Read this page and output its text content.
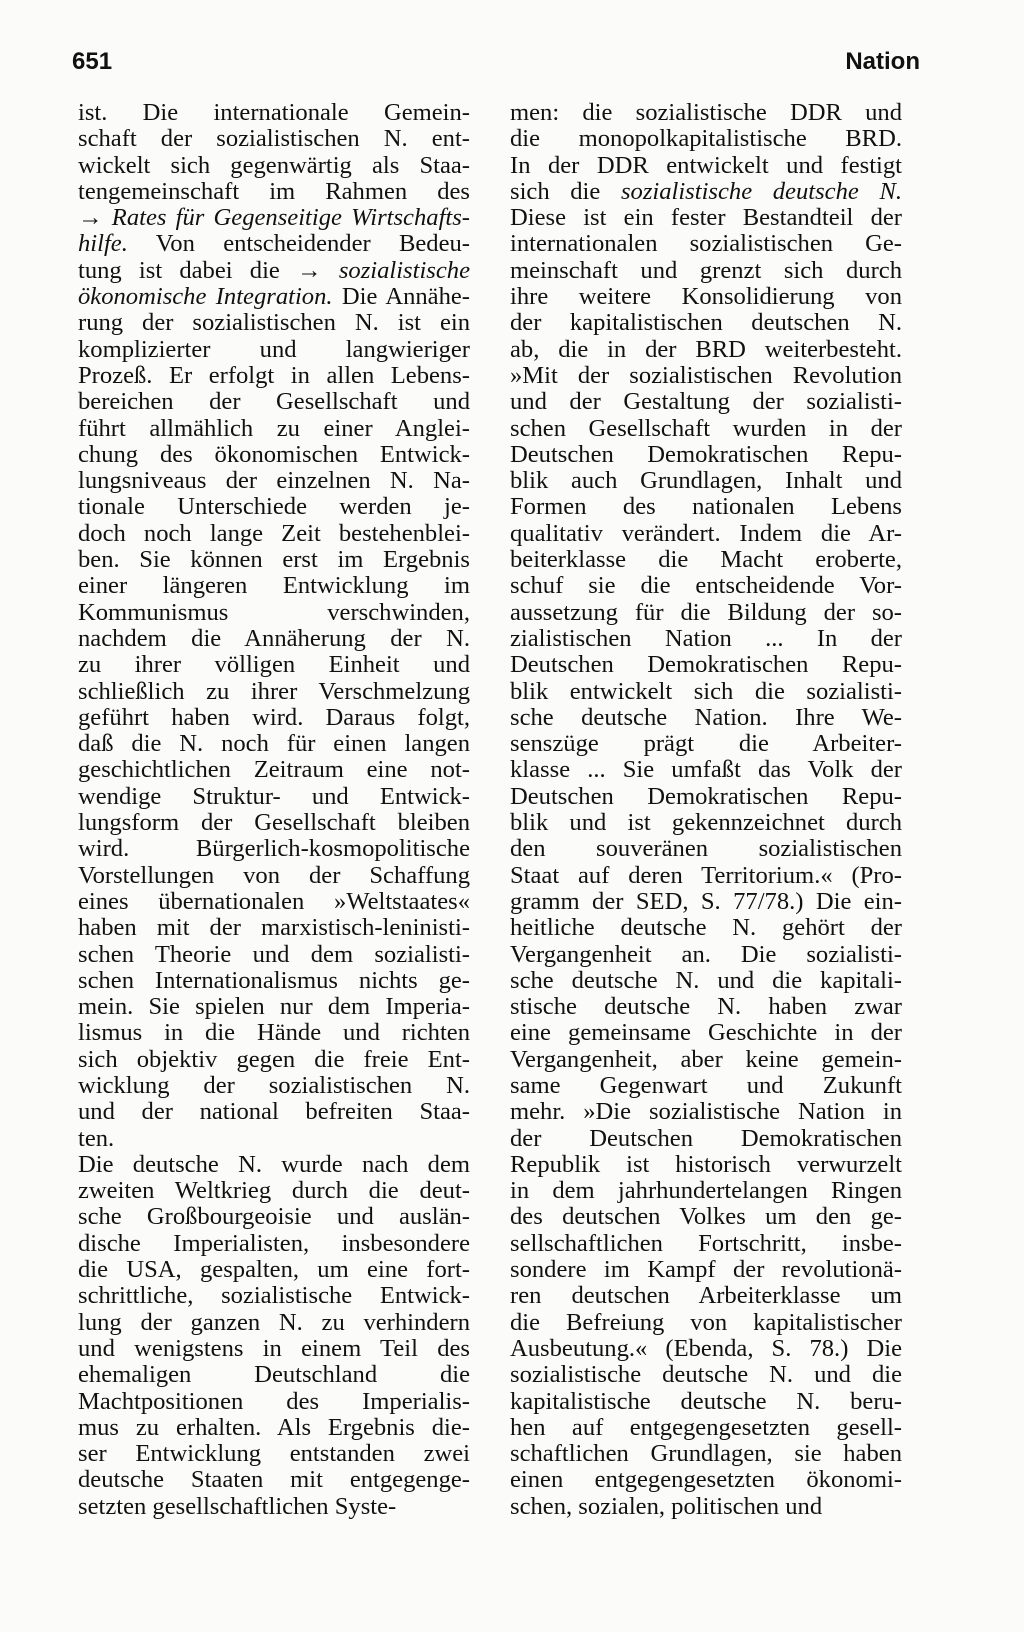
651	Nation
ist. Die internationale Gemein-
schaft der sozialistischen N. ent-
wickelt sich gegenwärtig als Staa-
tengemeinschaft im Rahmen des
→ Rates für Gegenseitige Wirtschafts-
hilfe. Von entscheidender Bedeu-
tung ist dabei die → sozialistische
ökonomische Integration. Die Annähe-
rung der sozialistischen N. ist ein
komplizierter und langwieriger
Prozeß. Er erfolgt in allen Lebens-
bereichen der Gesellschaft und
führt allmählich zu einer Anglei-
chung des ökonomischen Entwick-
lungsniveaus der einzelnen N. Na-
tionale Unterschiede werden je-
doch noch lange Zeit bestehenblei-
ben. Sie können erst im Ergebnis
einer längeren Entwicklung im
Kommunismus verschwinden,
nachdem die Annäherung der N.
zu ihrer völligen Einheit und
schließlich zu ihrer Verschmelzung
geführt haben wird. Daraus folgt,
daß die N. noch für einen langen
geschichtlichen Zeitraum eine not-
wendige Struktur- und Entwick-
lungsform der Gesellschaft bleiben
wird. Bürgerlich-kosmopolitische
Vorstellungen von der Schaffung
eines übernationalen »Weltstaates«
haben mit der marxistisch-leninisti-
schen Theorie und dem sozialisti-
schen Internationalismus nichts ge-
mein. Sie spielen nur dem Imperia-
lismus in die Hände und richten
sich objektiv gegen die freie Ent-
wicklung der sozialistischen N.
und der national befreiten Staa-
ten.
Die deutsche N. wurde nach dem
zweiten Weltkrieg durch die deut-
sche Großbourgeoisie und auslän-
dische Imperialisten, insbesondere
die USA, gespalten, um eine fort-
schrittliche, sozialistische Entwick-
lung der ganzen N. zu verhindern
und wenigstens in einem Teil des
ehemaligen Deutschland die
Machtpositionen des Imperialis-
mus zu erhalten. Als Ergebnis die-
ser Entwicklung entstanden zwei
deutsche Staaten mit entgegenge-
setzten gesellschaftlichen Syste-
men: die sozialistische DDR und
die monopolkapitalistische BRD.
In der DDR entwickelt und festigt
sich die sozialistische deutsche N.
Diese ist ein fester Bestandteil der
internationalen sozialistischen Ge-
meinschaft und grenzt sich durch
ihre weitere Konsolidierung von
der kapitalistischen deutschen N.
ab, die in der BRD weiterbesteht.
»Mit der sozialistischen Revolution
und der Gestaltung der sozialisti-
schen Gesellschaft wurden in der
Deutschen Demokratischen Repu-
blik auch Grundlagen, Inhalt und
Formen des nationalen Lebens
qualitativ verändert. Indem die Ar-
beiterklasse die Macht eroberte,
schuf sie die entscheidende Vor-
aussetzung für die Bildung der so-
zialistischen Nation ... In der
Deutschen Demokratischen Repu-
blik entwickelt sich die sozialisti-
sche deutsche Nation. Ihre We-
senszüge prägt die Arbeiter-
klasse ... Sie umfaßt das Volk der
Deutschen Demokratischen Repu-
blik und ist gekennzeichnet durch
den souveränen sozialistischen
Staat auf deren Territorium.« (Pro-
gramm der SED, S. 77/78.) Die ein-
heitliche deutsche N. gehört der
Vergangenheit an. Die sozialisti-
sche deutsche N. und die kapitali-
stische deutsche N. haben zwar
eine gemeinsame Geschichte in der
Vergangenheit, aber keine gemein-
same Gegenwart und Zukunft
mehr. »Die sozialistische Nation in
der Deutschen Demokratischen
Republik ist historisch verwurzelt
in dem jahrhundertelangen Ringen
des deutschen Volkes um den ge-
sellschaftlichen Fortschritt, insbe-
sondere im Kampf der revolutionä-
ren deutschen Arbeiterklasse um
die Befreiung von kapitalistischer
Ausbeutung.« (Ebenda, S. 78.) Die
sozialistische deutsche N. und die
kapitalistische deutsche N. beru-
hen auf entgegengesetzten gesell-
schaftlichen Grundlagen, sie haben
einen entgegengesetzten ökonomi-
schen, sozialen, politischen und
